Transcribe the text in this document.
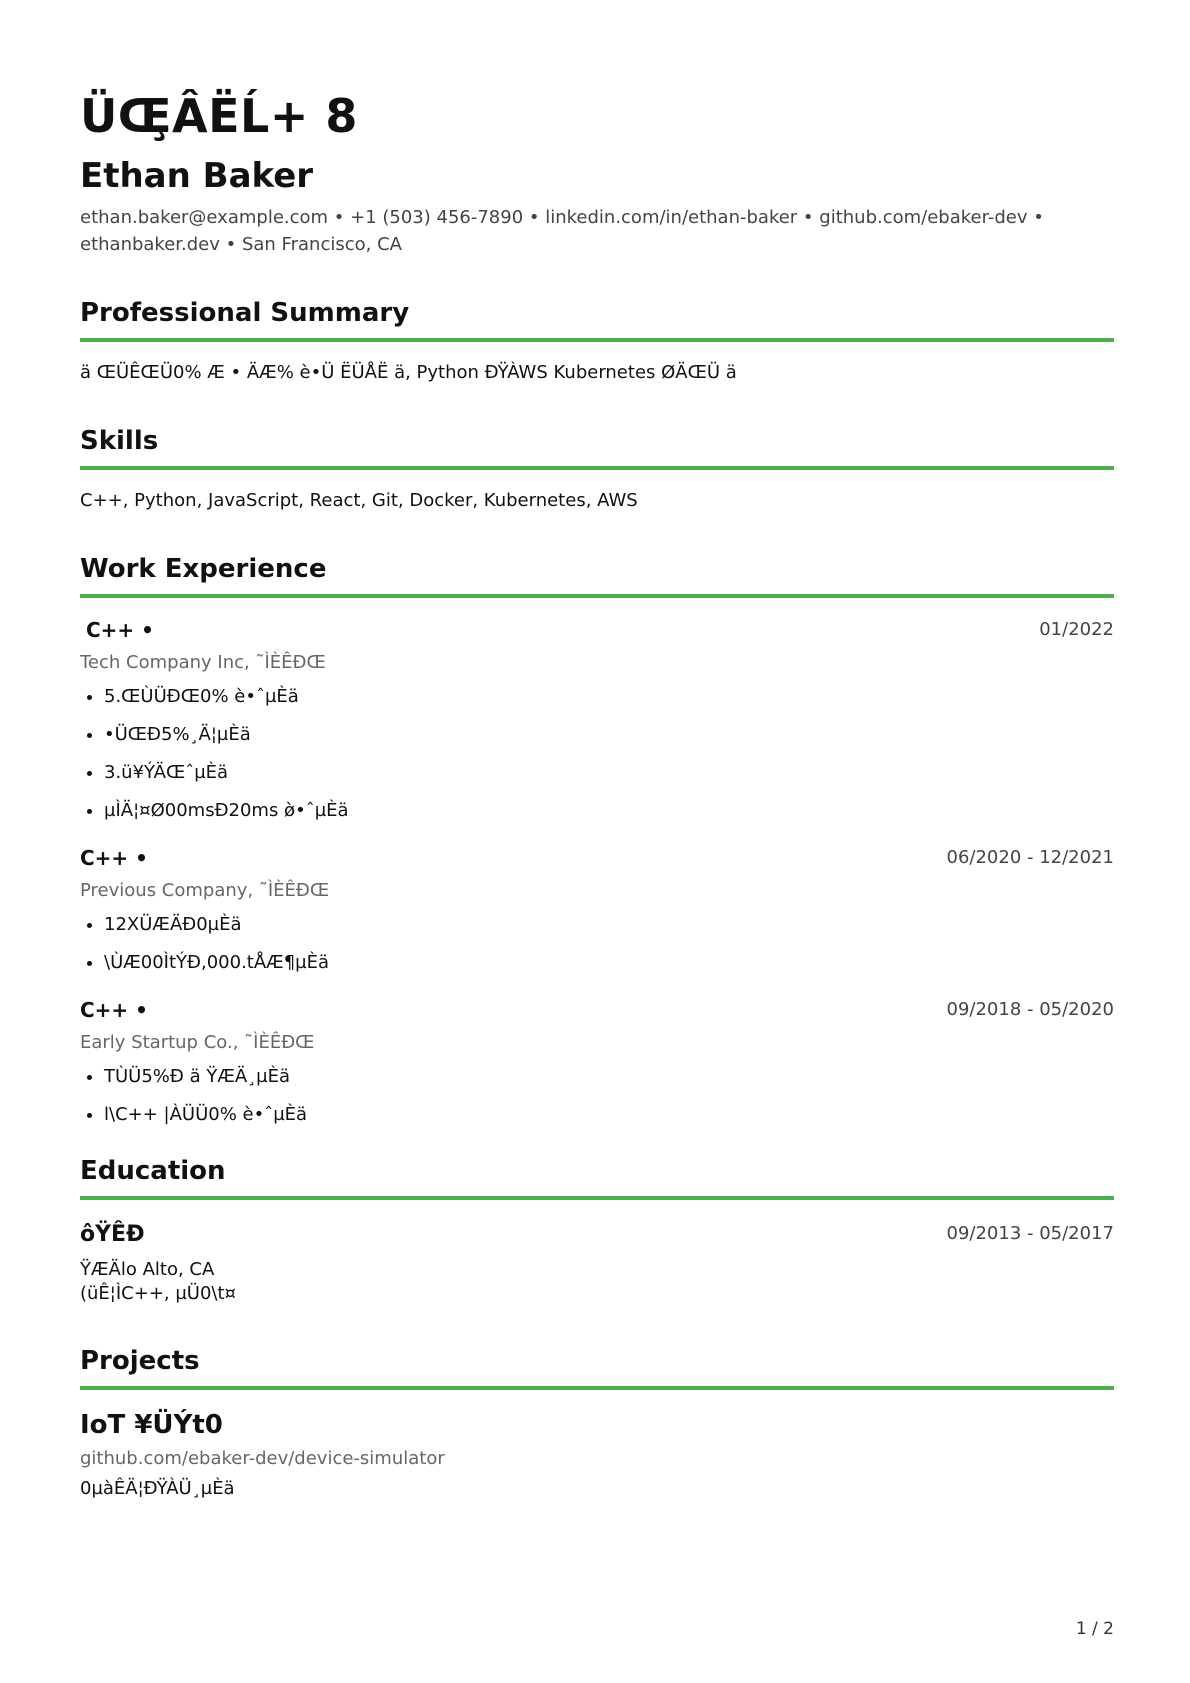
ÜŒ̧ÂËĹ+ 8
Ethan Baker
ethan.baker@example.com • +1 (503) 456-7890 • linkedin.com/in/ethan-baker • github.com/ebaker-dev • ethanbaker.dev • San Francisco, CA
Professional Summary
ä ŒÜÊŒÜ0% Æ • ÄÆ% è•Ü ËÜÅË ä, Python ÐŸÀWS Kubernetes ØÄŒÜ ä
Skills
C++, Python, JavaScript, React, Git, Docker, Kubernetes, AWS
Work Experience
C++ •	01/2022
Tech Company Inc, ˜ÌÈÊÐŒ
• 5.ŒÙÜÐŒ0% è•ˆµÈä
• •ÜŒÐ5%¸Ä¦µÈä
• 3.ü¥ÝÄŒˆµÈä
• µÌÄ¦¤Ø00msÐ20ms ø̀•ˆµÈä
C++ •	06/2020 - 12/2021
Previous Company, ˜ÌÈÊÐŒ
• 12XÜÆÄÐ0µÈä
• \ÙÆ00ÌtÝÐ,000.tÅÆ¶µÈä
C++ •	09/2018 - 05/2020
Early Startup Co., ˜ÌÈÊÐŒ
• TÙÜ5%Ð ä ŸÆÄ¸µÈä
• l\C++ |ÀÜÜ0% è•ˆµÈä
Education
ôŸÊÐ	09/2013 - 05/2017
ŸÆÄlo Alto, CA
(üÊ¦ÌC++, µÜ0\t¤
Projects
IoT ¥ÜÝt0
github.com/ebaker-dev/device-simulator
0µàÊÄ¦ÐŸÀÜ¸µÈä
1 / 2
